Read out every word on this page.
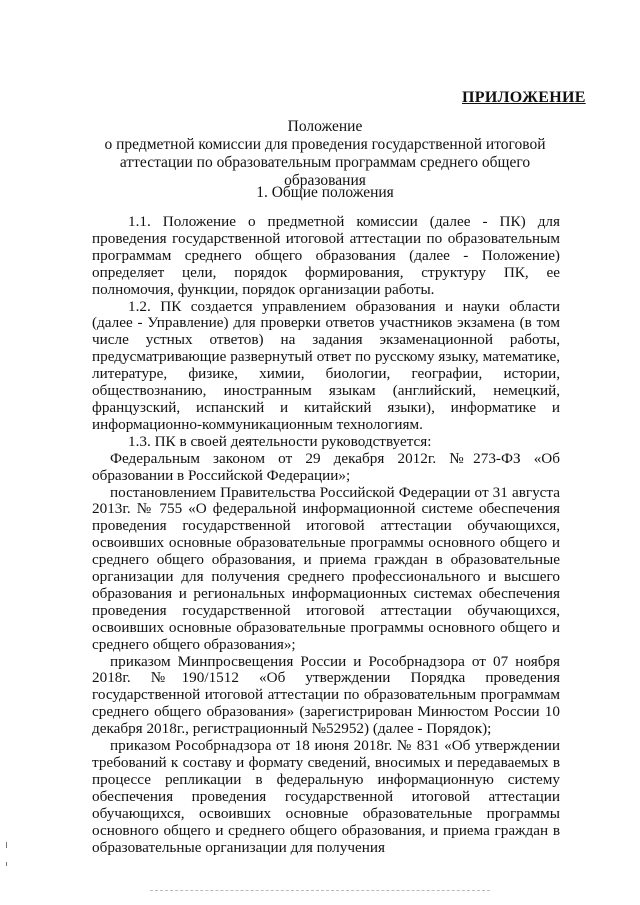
ПРИЛОЖЕНИЕ
Положение
о предметной комиссии для проведения государственной итоговой
аттестации по образовательным программам среднего общего образования
1. Общие положения

1.1. Положение о предметной комиссии (далее - ПК) для проведения государственной итоговой аттестации по образовательным программам среднего общего образования (далее - Положение) определяет цели, порядок формирования, структуру ПК, ее полномочия, функции, порядок организации работы.

1.2. ПК создается управлением образования и науки области (далее - Управление) для проверки ответов участников экзамена (в том числе устных ответов) на задания экзаменационной работы, предусматривающие развернутый ответ по русскому языку, математике, литературе, физике, химии, биологии, географии, истории, обществознанию, иностранным языкам (английский, немецкий, французский, испанский и китайский языки), информатике и информационно-коммуникационным технологиям.

1.3. ПК в своей деятельности руководствуется:

Федеральным законом от 29 декабря 2012г. №273-ФЗ «Об образовании в Российской Федерации»;

постановлением Правительства Российской Федерации от 31 августа 2013г. № 755 «О федеральной информационной системе обеспечения проведения государственной итоговой аттестации обучающихся, освоивших основные образовательные программы основного общего и среднего общего образования, и приема граждан в образовательные организации для получения среднего профессионального и высшего образования и региональных информационных системах обеспечения проведения государственной итоговой аттестации обучающихся, освоивших основные образовательные программы основного общего и среднего общего образования»;

приказом Минпросвещения России и Рособрнадзора от 07 ноября 2018г. №190/1512 «Об утверждении Порядка проведения государственной итоговой аттестации по образовательным программам среднего общего образования» (зарегистрирован Минюстом России 10 декабря 2018г., регистрационный №52952) (далее - Порядок);

приказом Рособрнадзора от 18 июня 2018г. № 831 «Об утверждении требований к составу и формату сведений, вносимых и передаваемых в процессе репликации в федеральную информационную систему обеспечения проведения государственной итоговой аттестации обучающихся, освоивших основные образовательные программы основного общего и среднего общего образования, и приема граждан в образовательные организации для получения
